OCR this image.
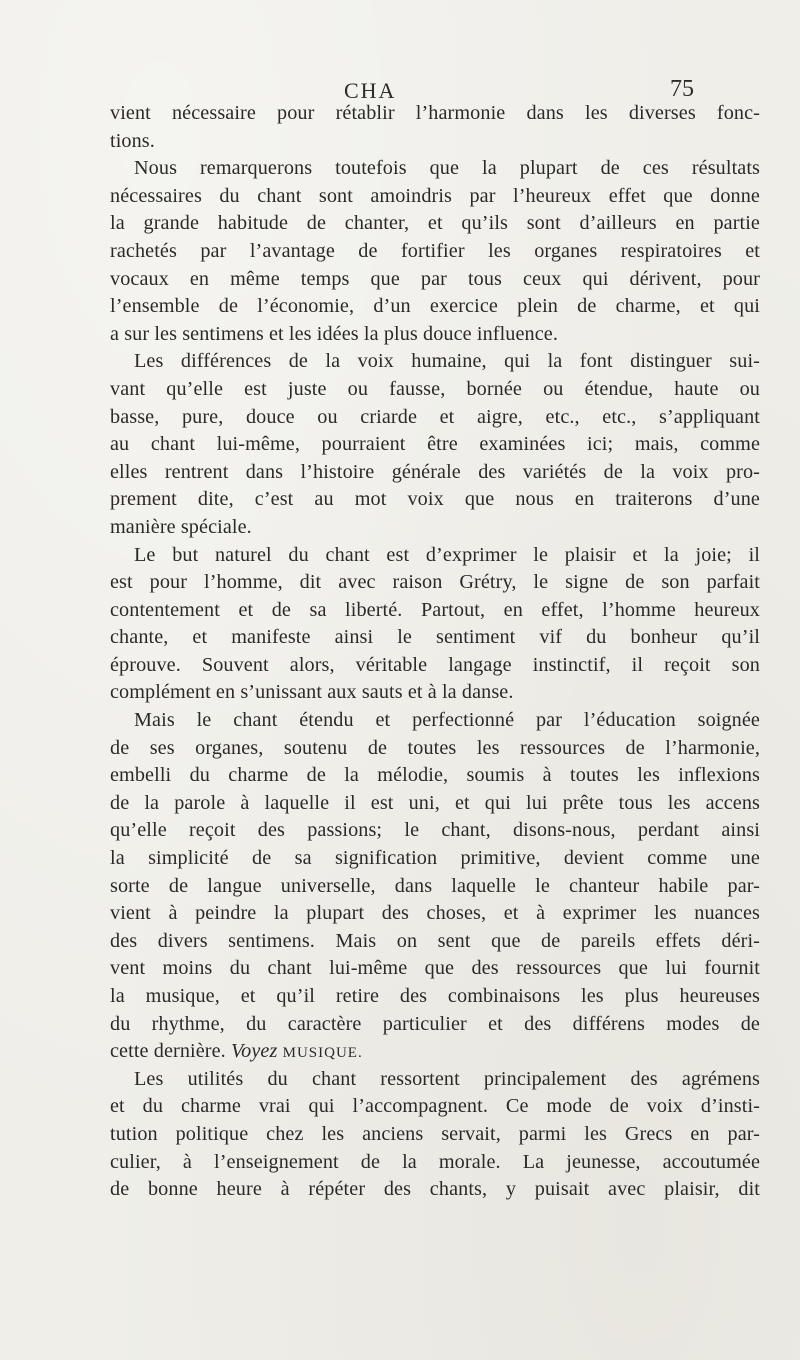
CHA	75
vient nécessaire pour rétablir l’harmonie dans les diverses fonc-
tions.
Nous remarquerons toutefois que la plupart de ces résultats
nécessaires du chant sont amoindris par l’heureux effet que donne
la grande habitude de chanter, et qu’ils sont d’ailleurs en partie
rachetés par l’avantage de fortifier les organes respiratoires et
vocaux en même temps que par tous ceux qui dérivent, pour
l’ensemble de l’économie, d’un exercice plein de charme, et qui
a sur les sentimens et les idées la plus douce influence.
Les différences de la voix humaine, qui la font distinguer sui-
vant qu’elle est juste ou fausse, bornée ou étendue, haute ou
basse, pure, douce ou criarde et aigre, etc., etc., s’appliquant
au chant lui-même, pourraient être examinées ici; mais, comme
elles rentrent dans l’histoire générale des variétés de la voix pro-
prement dite, c’est au mot voix que nous en traiterons d’une
manière spéciale.
Le but naturel du chant est d’exprimer le plaisir et la joie; il
est pour l’homme, dit avec raison Grétry, le signe de son parfait
contentement et de sa liberté. Partout, en effet, l’homme heureux
chante, et manifeste ainsi le sentiment vif du bonheur qu’il
éprouve. Souvent alors, véritable langage instinctif, il reçoit son
complément en s’unissant aux sauts et à la danse.
Mais le chant étendu et perfectionné par l’éducation soignée
de ses organes, soutenu de toutes les ressources de l’harmonie,
embelli du charme de la mélodie, soumis à toutes les inflexions
de la parole à laquelle il est uni, et qui lui prête tous les accens
qu’elle reçoit des passions; le chant, disons-nous, perdant ainsi
la simplicité de sa signification primitive, devient comme une
sorte de langue universelle, dans laquelle le chanteur habile par-
vient à peindre la plupart des choses, et à exprimer les nuances
des divers sentimens. Mais on sent que de pareils effets déri-
vent moins du chant lui-même que des ressources que lui fournit
la musique, et qu’il retire des combinaisons les plus heureuses
du rhythme, du caractère particulier et des différens modes de
cette dernière. Voyez MUSIQUE.
Les utilités du chant ressortent principalement des agrémens
et du charme vrai qui l’accompagnent. Ce mode de voix d’insti-
tution politique chez les anciens servait, parmi les Grecs en par-
culier, à l’enseignement de la morale. La jeunesse, accoutumée
de bonne heure à répéter des chants, y puisait avec plaisir, dit
